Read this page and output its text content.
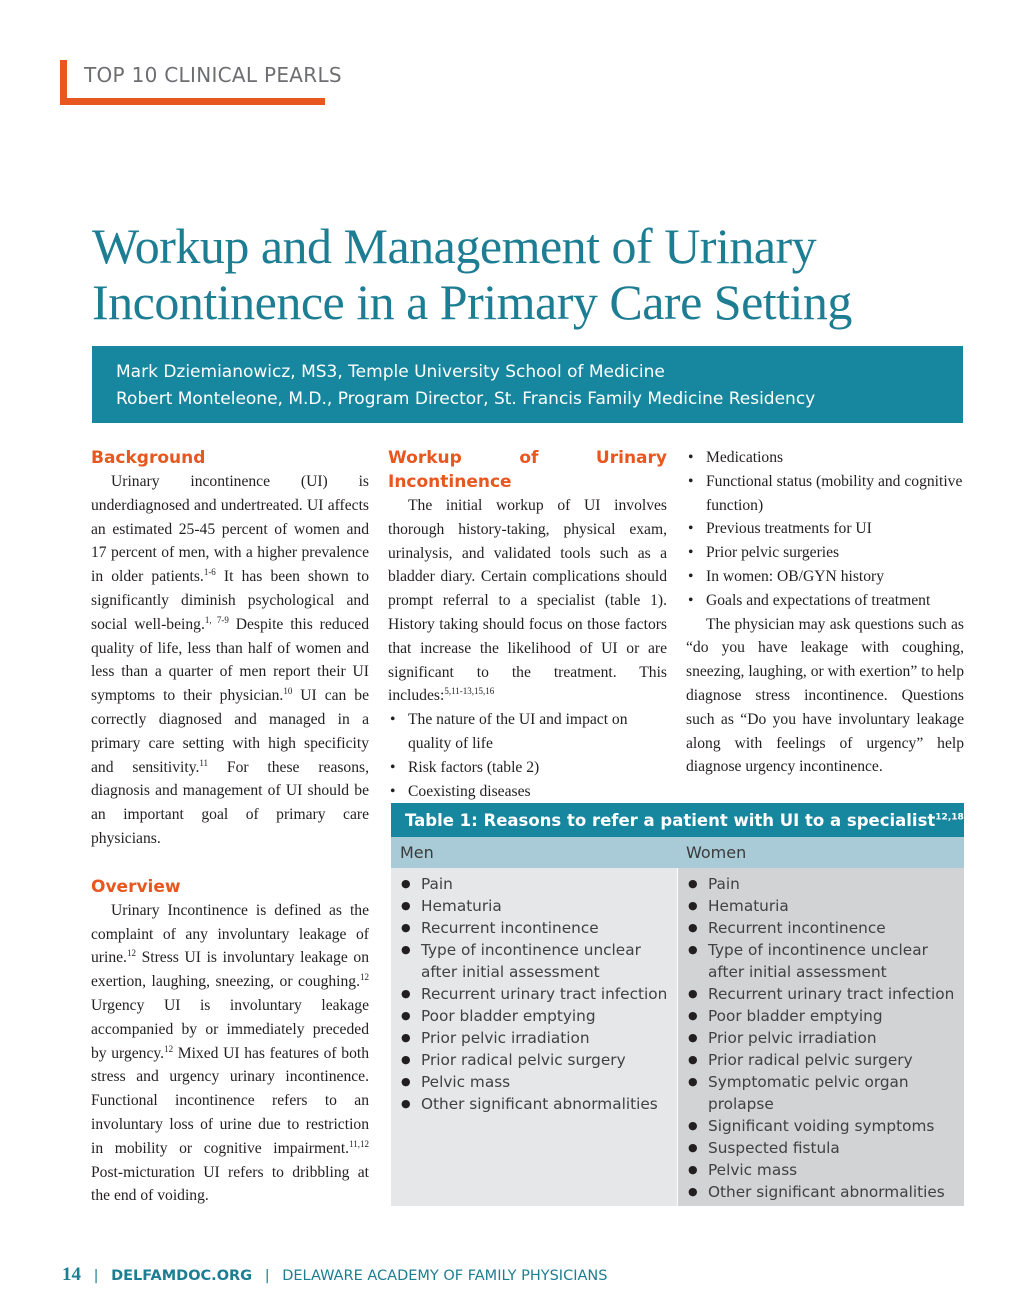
TOP 10 CLINICAL PEARLS
Workup and Management of Urinary
Incontinence in a Primary Care Setting
Mark Dziemianowicz, MS3, Temple University School of Medicine
Robert Monteleone, M.D., Program Director, St. Francis Family Medicine Residency
Background

Urinary incontinence (UI) is underdiagnosed and undertreated. UI affects an estimated 25-45 percent of women and 17 percent of men, with a higher prevalence in older patients.$^{1-6}$ It has been shown to significantly diminish psychological and social well-being.$^{1, 7-9}$ Despite this reduced quality of life, less than half of women and less than a quarter of men report their UI symptoms to their physician.$^{10}$ UI can be correctly diagnosed and managed in a primary care setting with high specificity and sensitivity.$^{11}$ For these reasons, diagnosis and management of UI should be an important goal of primary care physicians.

Overview

Urinary Incontinence is defined as the complaint of any involuntary leakage of urine.$^{12}$ Stress UI is involuntary leakage on exertion, laughing, sneezing, or coughing.$^{12}$ Urgency UI is involuntary leakage accompanied by or immediately preceded by urgency.$^{12}$ Mixed UI has features of both stress and urgency urinary incontinence. Functional incontinence refers to an involuntary loss of urine due to restriction in mobility or cognitive impairment.$^{11,12}$ Post-micturation UI refers to dribbling at the end of voiding.

Workup of Urinary Incontinence

The initial workup of UI involves thorough history-taking, physical exam, urinalysis, and validated tools such as a bladder diary. Certain complications should prompt referral to a specialist (table 1). History taking should focus on those factors that increase the likelihood of UI or are significant to the treatment. This includes:$^{5,11-13,15,16}$

• The nature of the UI and impact on quality of life
• Risk factors (table 2)
• Coexisting diseases
• Medications
• Functional status (mobility and cognitive function)
• Previous treatments for UI
• Prior pelvic surgeries
• In women: OB/GYN history
• Goals and expectations of treatment

The physician may ask questions such as “do you have leakage with coughing, sneezing, laughing, or with exertion” to help diagnose stress incontinence. Questions such as “Do you have involuntary leakage along with feelings of urgency” help diagnose urgency incontinence.

Table 1: Reasons to refer a patient with UI to a specialist$^{12,18}$
Men	Women
● Pain
● Hematuria
● Recurrent incontinence
● Type of incontinence unclear after initial assessment
● Recurrent urinary tract infection
● Poor bladder emptying
● Prior pelvic irradiation
● Prior radical pelvic surgery
● Pelvic mass
● Other significant abnormalities
● Pain
● Hematuria
● Recurrent incontinence
● Type of incontinence unclear after initial assessment
● Recurrent urinary tract infection
● Poor bladder emptying
● Prior pelvic irradiation
● Prior radical pelvic surgery
● Symptomatic pelvic organ prolapse
● Significant voiding symptoms
● Suspected fistula
● Pelvic mass
● Other significant abnormalities
14 | DELFAMDOC.ORG | DELAWARE ACADEMY OF FAMILY PHYSICIANS
